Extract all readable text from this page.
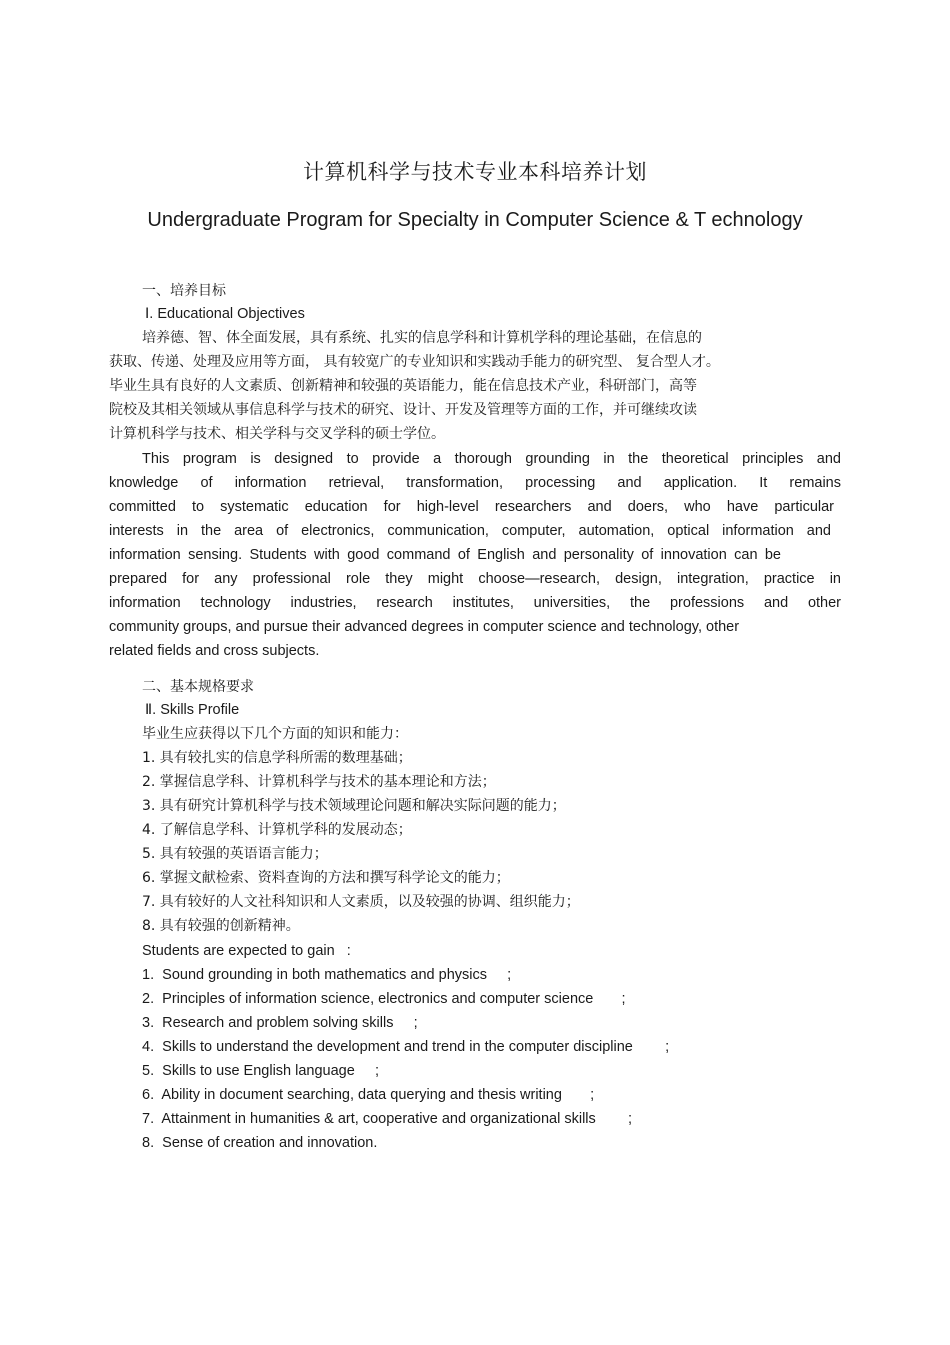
计算机科学与技术专业本科培养计划
Undergraduate Program for Specialty in Computer Science & T echnology
一、培养目标
Ⅰ. Educational Objectives
培养德、智、体全面发展，具有系统、扎实的信息学科和计算机学科的理论基础，在信息的
获取、传递、处理及应用等方面， 具有较宽广的专业知识和实践动手能力的研究型、 复合型人才。
毕业生具有良好的人文素质、创新精神和较强的英语能力，能在信息技术产业，科研部门，高等
院校及其相关领域从事信息科学与技术的研究、设计、开发及管理等方面的工作，并可继续攻读
计算机科学与技术、相关学科与交叉学科的硕士学位。
This program is designed to provide a thorough grounding in the theoretical principles and
knowledge of information retrieval, transformation, processing and application. It remains
committed to systematic education for high-level researchers and doers, who have particular
interests in the area of electronics, communication, computer, automation, optical information and
information sensing. Students with good command of English and personality of innovation can be
prepared for any professional role they might choose—research, design, integration, practice in
information technology industries, research institutes, universities, the professions and other
community groups, and pursue their advanced degrees in computer science and technology, other
related fields and cross subjects.
二、基本规格要求
Ⅱ. Skills Profile
毕业生应获得以下几个方面的知识和能力：
1. 具有较扎实的信息学科所需的数理基础；
2. 掌握信息学科、计算机科学与技术的基本理论和方法；
3. 具有研究计算机科学与技术领域理论问题和解决实际问题的能力；
4. 了解信息学科、计算机学科的发展动态；
5. 具有较强的英语语言能力；
6. 掌握文献检索、资料查询的方法和撰写科学论文的能力；
7. 具有较好的人文社科知识和人文素质，以及较强的协调、组织能力；
8. 具有较强的创新精神。
Students are expected to gain   :
1.  Sound grounding in both mathematics and physics     ;
2.  Principles of information science, electronics and computer science       ;
3.  Research and problem solving skills     ;
4.  Skills to understand the development and trend in the computer discipline        ;
5.  Skills to use English language     ;
6.  Ability in document searching, data querying and thesis writing       ;
7.  Attainment in humanities & art, cooperative and organizational skills        ;
8.  Sense of creation and innovation.
